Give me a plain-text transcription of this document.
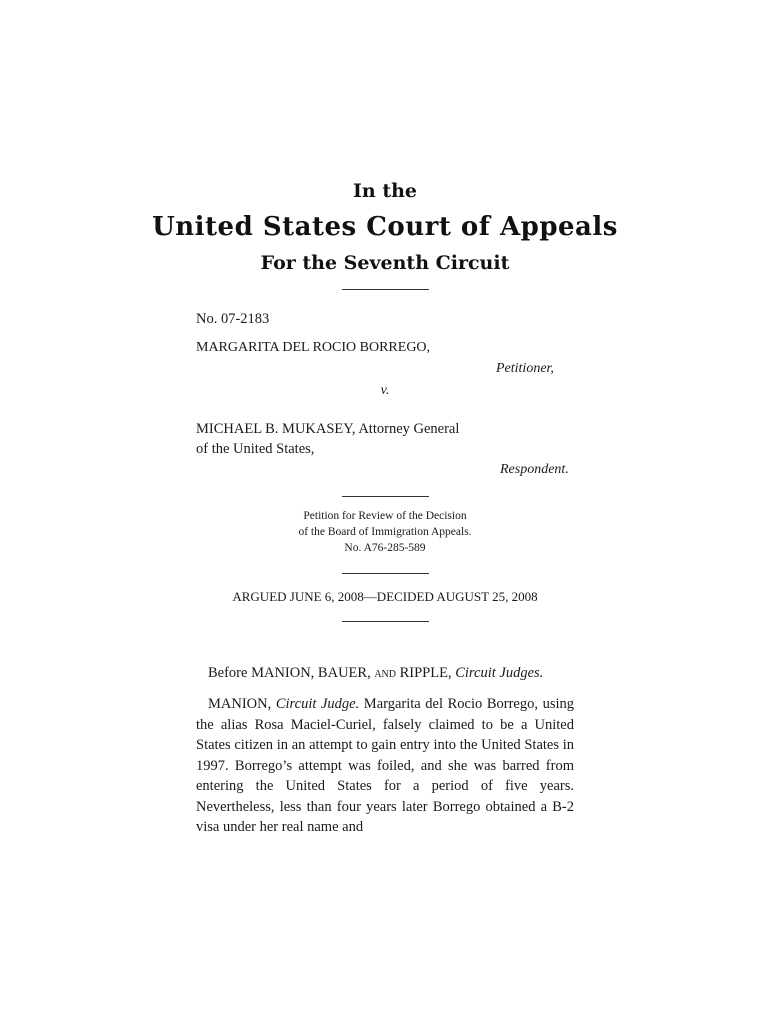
In the
United States Court of Appeals
For the Seventh Circuit
No. 07-2183
MARGARITA DEL ROCIO BORREGO,
Petitioner,
v.
MICHAEL B. MUKASEY, Attorney General
of the United States,
Respondent.
Petition for Review of the Decision
of the Board of Immigration Appeals.
No. A76-285-589
ARGUED JUNE 6, 2008—DECIDED AUGUST 25, 2008
Before MANION, BAUER, and RIPPLE, Circuit Judges.

MANION, Circuit Judge. Margarita del Rocio Borrego, using the alias Rosa Maciel-Curiel, falsely claimed to be a United States citizen in an attempt to gain entry into the United States in 1997. Borrego’s attempt was foiled, and she was barred from entering the United States for a period of five years. Nevertheless, less than four years later Borrego obtained a B-2 visa under her real name and
